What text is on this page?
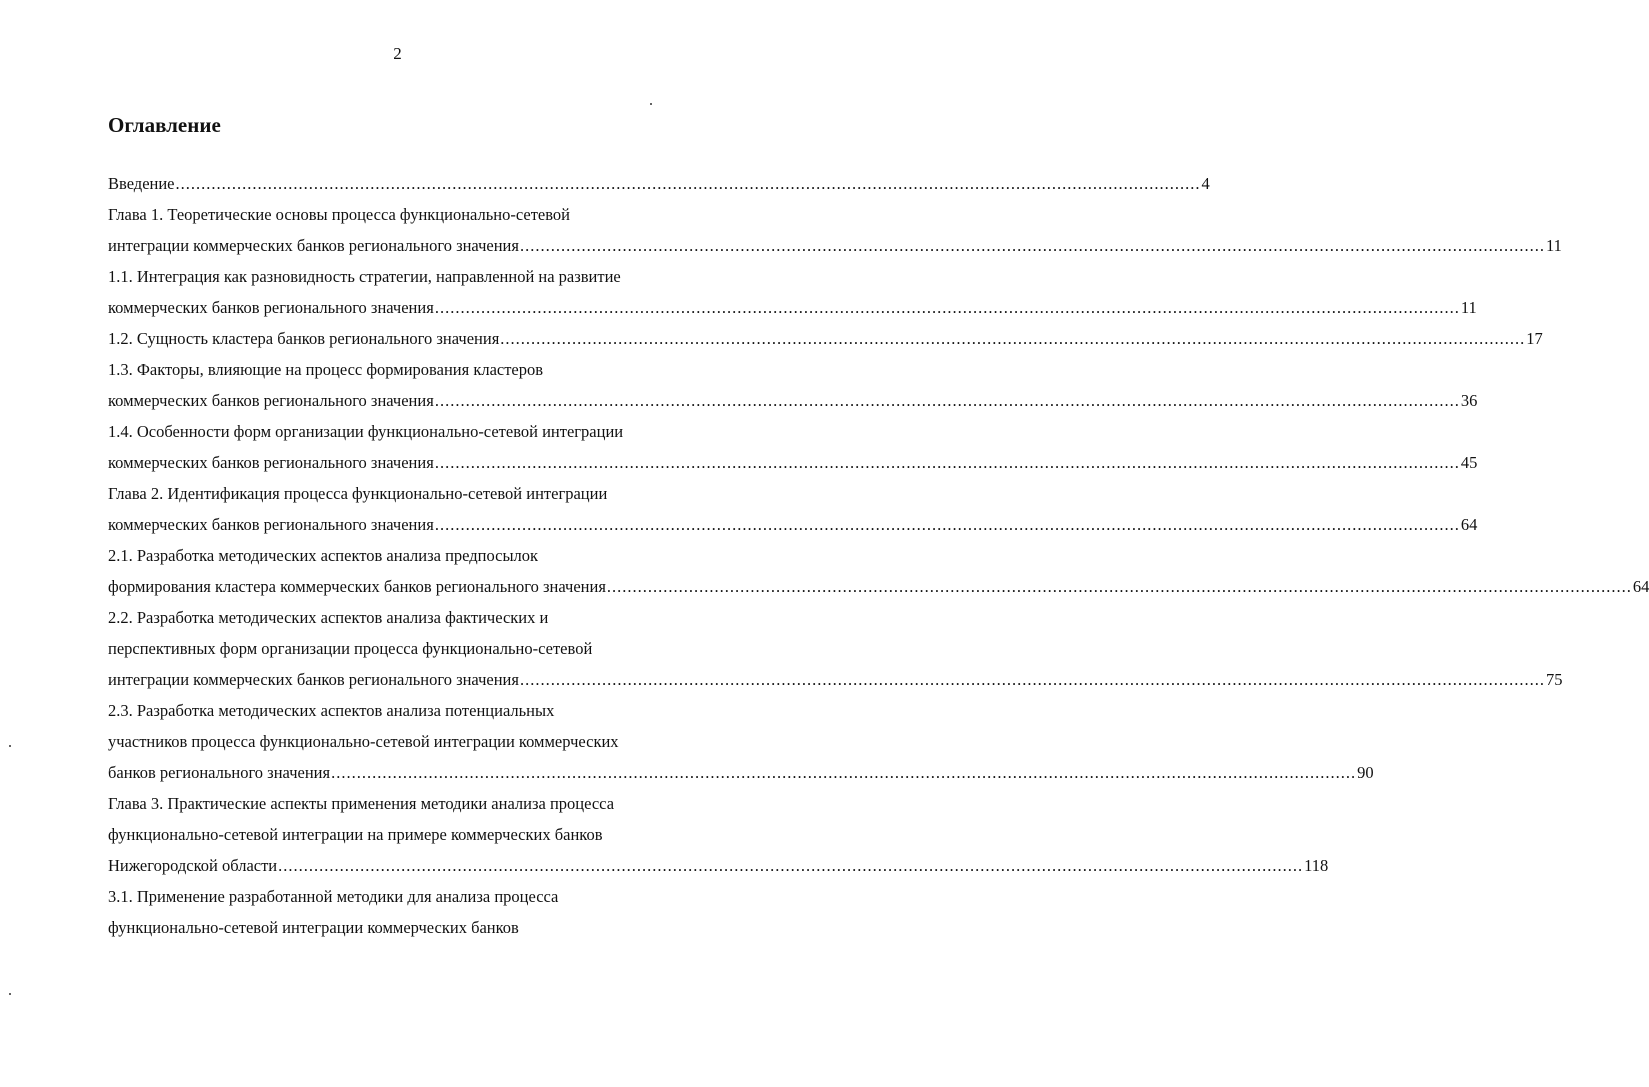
2
Оглавление
Введение ........................................................................................................................................................................................................ 4
Глава 1. Теоретические основы процесса функционально-сетевой
интеграции коммерческих банков регионального значения ........................................................................................................................................................................................................ 11
1.1. Интеграция как разновидность стратегии, направленной на развитие
коммерческих банков регионального значения ........................................................................................................................................................................................................ 11
1.2. Сущность кластера банков регионального значения ........................................................................................................................................................................................................ 17
1.3. Факторы, влияющие на процесс формирования кластеров
коммерческих банков регионального значения ........................................................................................................................................................................................................ 36
1.4. Особенности форм организации функционально-сетевой интеграции
коммерческих банков регионального значения ........................................................................................................................................................................................................ 45
Глава 2. Идентификация процесса функционально-сетевой интеграции
коммерческих банков регионального значения ........................................................................................................................................................................................................ 64
2.1. Разработка методических аспектов анализа предпосылок
формирования кластера коммерческих банков регионального значения ........................................................................................................................................................................................................ 64
2.2. Разработка методических аспектов анализа фактических и
перспективных форм организации процесса функционально-сетевой
интеграции коммерческих банков регионального значения ........................................................................................................................................................................................................ 75
2.3. Разработка методических аспектов анализа потенциальных
участников процесса функционально-сетевой интеграции коммерческих
банков регионального значения ........................................................................................................................................................................................................ 90
Глава 3. Практические аспекты применения методики анализа процесса
функционально-сетевой интеграции на примере коммерческих банков
Нижегородской области ........................................................................................................................................................................................................ 118
3.1. Применение разработанной методики для анализа процесса
функционально-сетевой интеграции коммерческих банков
